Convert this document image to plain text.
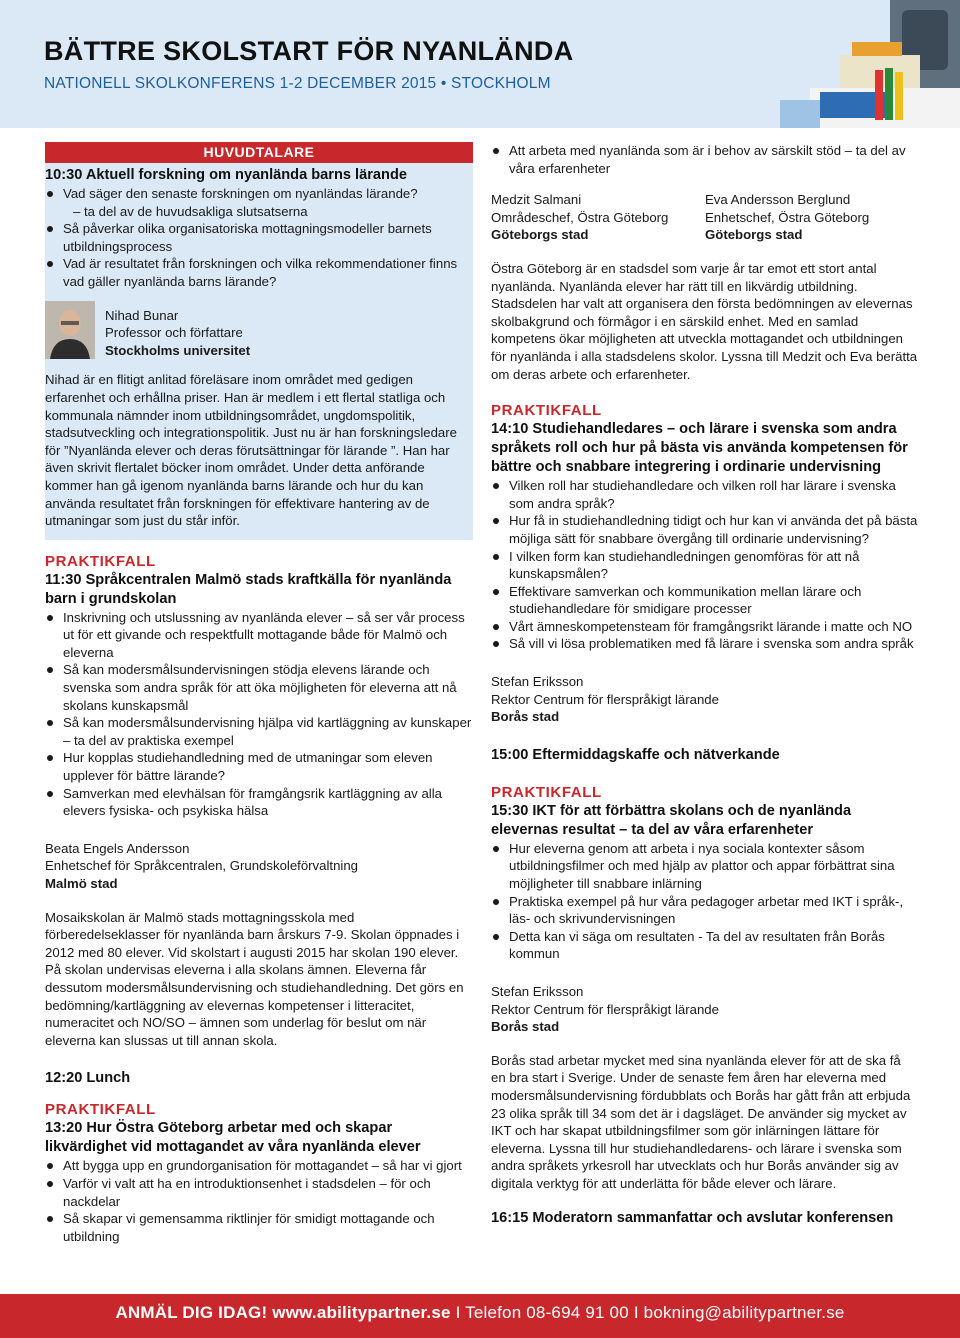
BÄTTRE SKOLSTART FÖR NYANLÄNDA
NATIONELL SKOLKONFERENS 1-2 DECEMBER 2015 • STOCKHOLM
HUVUDTALARE
10:30 Aktuell forskning om nyanlända barns lärande
Vad säger den senaste forskningen om nyanländas lärande?
– ta del av de huvudsakliga slutsatserna
Så påverkar olika organisatoriska mottagningsmodeller barnets utbildningsprocess
Vad är resultatet från forskningen och vilka rekommendationer finns vad gäller nyanlända barns lärande?
Nihad Bunar
Professor och författare
Stockholms universitet

Nihad är en flitigt anlitad föreläsare inom området med gedigen erfarenhet och erhållna priser. Han är medlem i ett flertal statliga och kommunala nämnder inom utbildningsområdet, ungdomspolitik, stadsutveckling och integrationspolitik. Just nu är han forskningsledare för ”Nyanlända elever och deras förutsättningar för lärande ”. Han har även skrivit flertalet böcker inom området. Under detta anförande kommer han gå igenom nyanlända barns lärande och hur du kan använda resultatet från forskningen för effektivare hantering av de utmaningar som just du står inför.

PRAKTIKFALL
11:30 Språkcentralen Malmö stads kraftkälla för nyanlända barn i grundskolan
Inskrivning och utslussning av nyanlända elever – så ser vår process ut för ett givande och respektfullt mottagande både för Malmö och eleverna
Så kan modersmålsundervisningen stödja elevens lärande och svenska som andra språk för att öka möjligheten för eleverna att nå skolans kunskapsmål
Så kan modersmålsundervisning hjälpa vid kartläggning av kunskaper – ta del av praktiska exempel
Hur kopplas studiehandledning med de utmaningar som eleven upplever för bättre lärande?
Samverkan med elevhälsan för framgångsrik kartläggning av alla elevers fysiska- och psykiska hälsa
Beata Engels Andersson
Enhetschef för Språkcentralen, Grundskoleförvaltning
Malmö stad

Mosaikskolan är Malmö stads mottagningsskola med förberedelseklasser för nyanlända barn årskurs 7-9. Skolan öppnades i 2012 med 80 elever. Vid skolstart i augusti 2015 har skolan 190 elever. På skolan undervisas eleverna i alla skolans ämnen. Eleverna får dessutom modersmålsundervisning och studiehandledning. Det görs en bedömning/kartläggning av elevernas kompetenser i litteracitet, numeracitet och NO/SO – ämnen som underlag för beslut om när eleverna kan slussas ut till annan skola.

12:20 Lunch
PRAKTIKFALL
13:20 Hur Östra Göteborg arbetar med och skapar likvärdighet vid mottagandet av våra nyanlända elever
Att bygga upp en grundorganisation för mottagandet – så har vi gjort
Varför vi valt att ha en introduktionsenhet i stadsdelen – för och nackdelar
Så skapar vi gemensamma riktlinjer för smidigt mottagande och utbildning
Att arbeta med nyanlända som är i behov av särskilt stöd – ta del av våra erfarenheter
Medzit Salmani
Områdeschef, Östra Göteborg
Göteborgs stad
Eva Andersson Berglund
Enhetschef, Östra Göteborg
Göteborgs stad

Östra Göteborg är en stadsdel som varje år tar emot ett stort antal nyanlända. Nyanlända elever har rätt till en likvärdig utbildning. Stadsdelen har valt att organisera den första bedömningen av elevernas skolbakgrund och förmågor i en särskild enhet. Med en samlad kompetens ökar möjligheten att utveckla mottagandet och utbildningen för nyanlända i alla stadsdelens skolor. Lyssna till Medzit och Eva berätta om deras arbete och erfarenheter.

PRAKTIKFALL
14:10 Studiehandledares – och lärare i svenska som andra språkets roll och hur på bästa vis använda kompetensen för bättre och snabbare integrering i ordinarie undervisning
Vilken roll har studiehandledare och vilken roll har lärare i svenska som andra språk?
Hur få in studiehandledning tidigt och hur kan vi använda det på bästa möjliga sätt för snabbare övergång till ordinarie undervisning?
I vilken form kan studiehandledningen genomföras för att nå kunskapsmålen?
Effektivare samverkan och kommunikation mellan lärare och studiehandledare för smidigare processer
Vårt ämneskompetensteam för framgångsrikt lärande i matte och NO
Så vill vi lösa problematiken med få lärare i svenska som andra språk
Stefan Eriksson
Rektor Centrum för flerspråkigt lärande
Borås stad
15:00 Eftermiddagskaffe och nätverkande
PRAKTIKFALL
15:30 IKT för att förbättra skolans och de nyanlända elevernas resultat – ta del av våra erfarenheter
Hur eleverna genom att arbeta i nya sociala kontexter såsom utbildningsfilmer och med hjälp av plattor och appar förbättrat sina möjligheter till snabbare inlärning
Praktiska exempel på hur våra pedagoger arbetar med IKT i språk-, läs- och skrivundervisningen
Detta kan vi säga om resultaten - Ta del av resultaten från Borås kommun
Stefan Eriksson
Rektor Centrum för flerspråkigt lärande
Borås stad

Borås stad arbetar mycket med sina nyanlända elever för att de ska få en bra start i Sverige. Under de senaste fem åren har eleverna med modersmålsundervisning fördubblats och Borås har gått från att erbjuda 23 olika språk till 34 som det är i dagsläget. De använder sig mycket av IKT och har skapat utbildningsfilmer som gör inlärningen lättare för eleverna. Lyssna till hur studiehandledarens- och lärare i svenska som andra språkets yrkesroll har utvecklats och hur Borås använder sig av digitala verktyg för att underlätta för både elever och lärare.

16:15 Moderatorn sammanfattar och avslutar konferensen
ANMÄL DIG IDAG! www.abilitypartner.se I Telefon 08-694 91 00 I bokning@abilitypartner.se
